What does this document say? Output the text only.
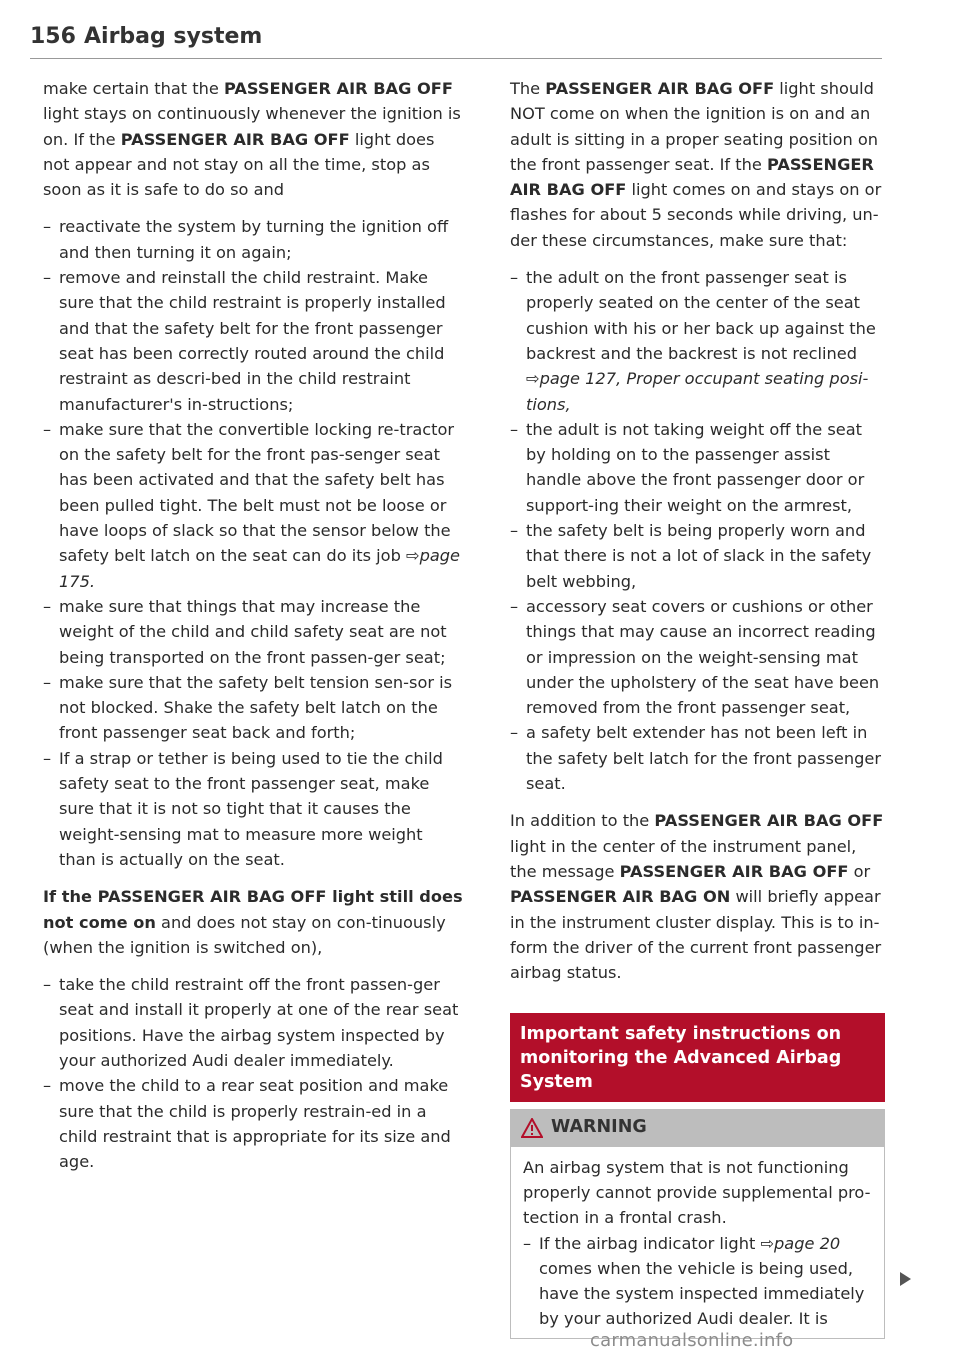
156 Airbag system

make certain that the PASSENGER AIR BAG OFF light stays on continuously whenever the ignition is on. If the PASSENGER AIR BAG OFF light does not appear and not stay on all the time, stop as soon as it is safe to do so and

– reactivate the system by turning the ignition off and then turning it on again;
– remove and reinstall the child restraint. Make sure that the child restraint is properly installed and that the safety belt for the front passenger seat has been correctly routed around the child restraint as descri-bed in the child restraint manufacturer's in-structions;
– make sure that the convertible locking re-tractor on the safety belt for the front pas-senger seat has been activated and that the safety belt has been pulled tight. The belt must not be loose or have loops of slack so that the sensor below the safety belt latch on the seat can do its job ⇨page 175.
– make sure that things that may increase the weight of the child and child safety seat are not being transported on the front passen-ger seat;
– make sure that the safety belt tension sen-sor is not blocked. Shake the safety belt latch on the front passenger seat back and forth;
– If a strap or tether is being used to tie the child safety seat to the front passenger seat, make sure that it is not so tight that it causes the weight-sensing mat to measure more weight than is actually on the seat.

If the PASSENGER AIR BAG OFF light still does not come on and does not stay on con-tinuously (when the ignition is switched on),

– take the child restraint off the front passen-ger seat and install it properly at one of the rear seat positions. Have the airbag system inspected by your authorized Audi dealer immediately.
– move the child to a rear seat position and make sure that the child is properly restrain-ed in a child restraint that is appropriate for its size and age.

The PASSENGER AIR BAG OFF light should NOT come on when the ignition is on and an adult is sitting in a proper seating position on the front passenger seat. If the PASSENGER AIR BAG OFF light comes on and stays on or flashes for about 5 seconds while driving, un-der these circumstances, make sure that:

– the adult on the front passenger seat is properly seated on the center of the seat cushion with his or her back up against the backrest and the backrest is not reclined ⇨page 127, Proper occupant seating posi-tions,
– the adult is not taking weight off the seat by holding on to the passenger assist handle above the front passenger door or support-ing their weight on the armrest,
– the safety belt is being properly worn and that there is not a lot of slack in the safety belt webbing,
– accessory seat covers or cushions or other things that may cause an incorrect reading or impression on the weight-sensing mat under the upholstery of the seat have been removed from the front passenger seat,
– a safety belt extender has not been left in the safety belt latch for the front passenger seat.

In addition to the PASSENGER AIR BAG OFF light in the center of the instrument panel, the message PASSENGER AIR BAG OFF or PASSENGER AIR BAG ON will briefly appear in the instrument cluster display. This is to in-form the driver of the current front passenger airbag status.

Important safety instructions on monitoring the Advanced Airbag System
WARNING

An airbag system that is not functioning properly cannot provide supplemental pro-tection in a frontal crash.

– If the airbag indicator light ⇨page 20 comes when the vehicle is being used, have the system inspected immediately by your authorized Audi dealer. It is
carmanualsonline.info
